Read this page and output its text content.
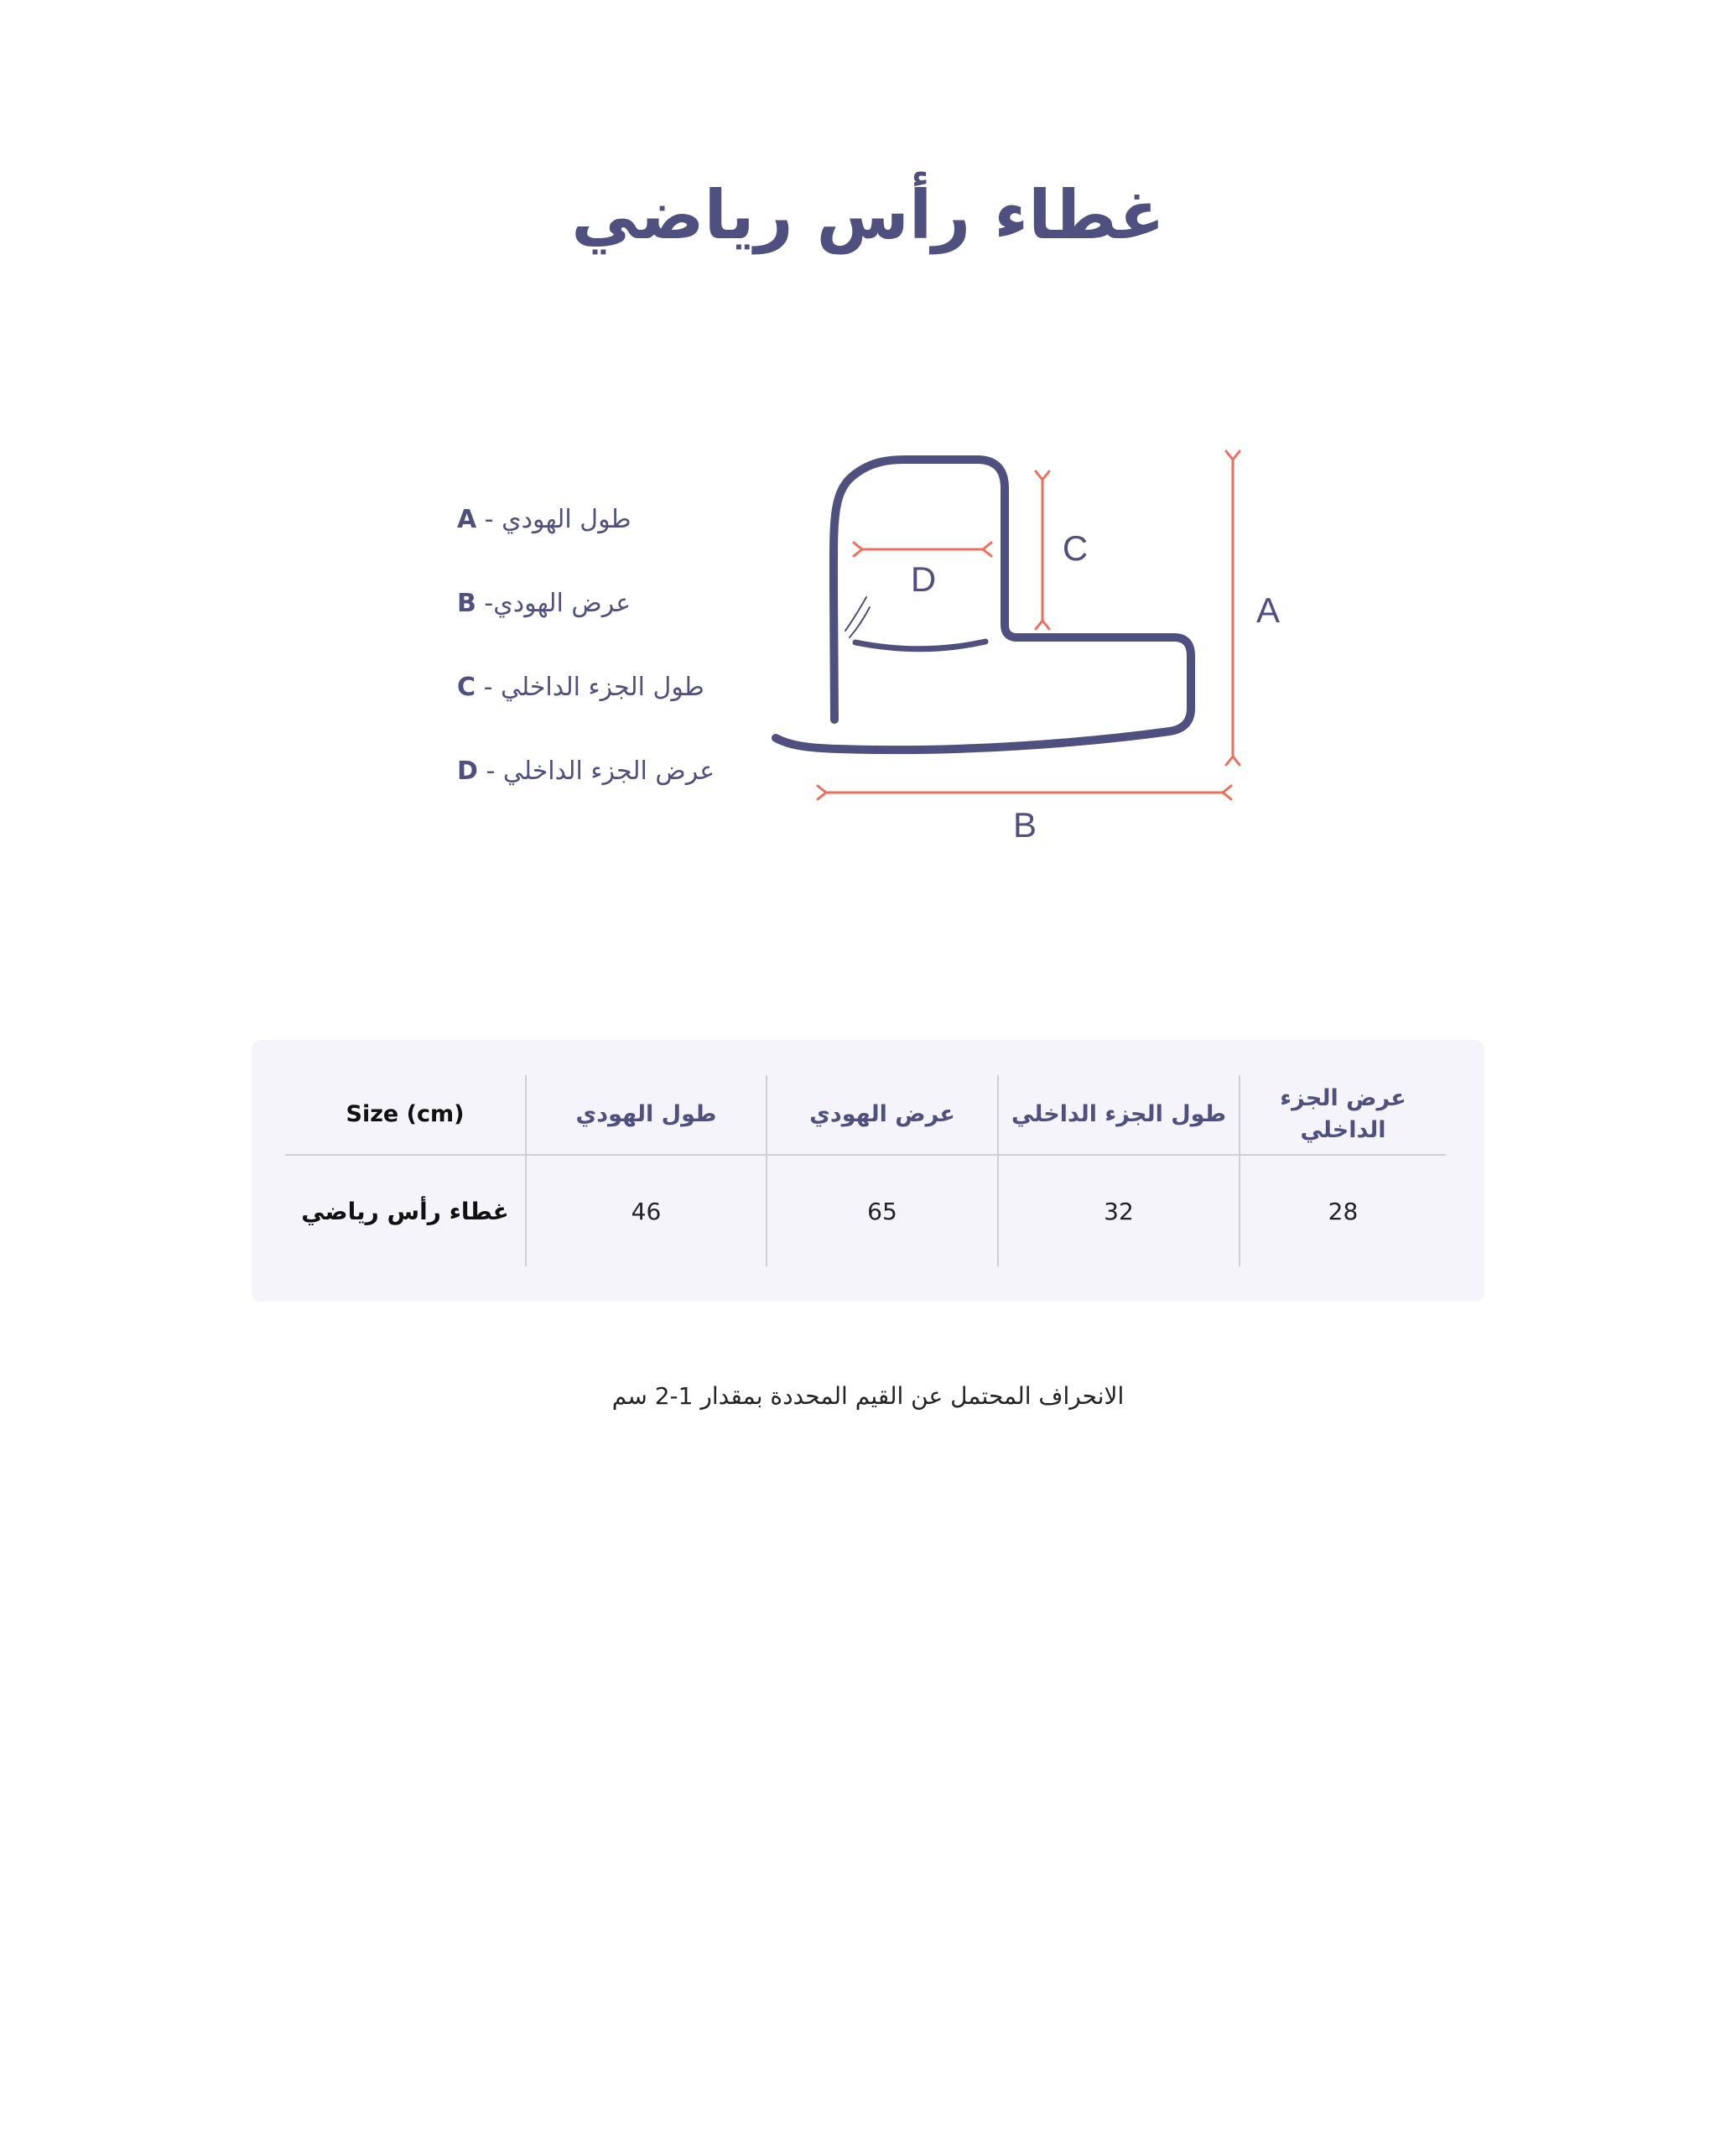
غطاء رأس رياضي
A - طول الهودي
B -عرض الهودي
C - طول الجزء الداخلي
D - عرض الجزء الداخلي
A
B
C
D
Size (cm)	طول الهودي	عرض الهودي	طول الجزء الداخلي	عرض الجزء الداخلي
غطاء رأس رياضي	46	65	32	28
الانحراف المحتمل عن القيم المحددة بمقدار 1-2 سم
